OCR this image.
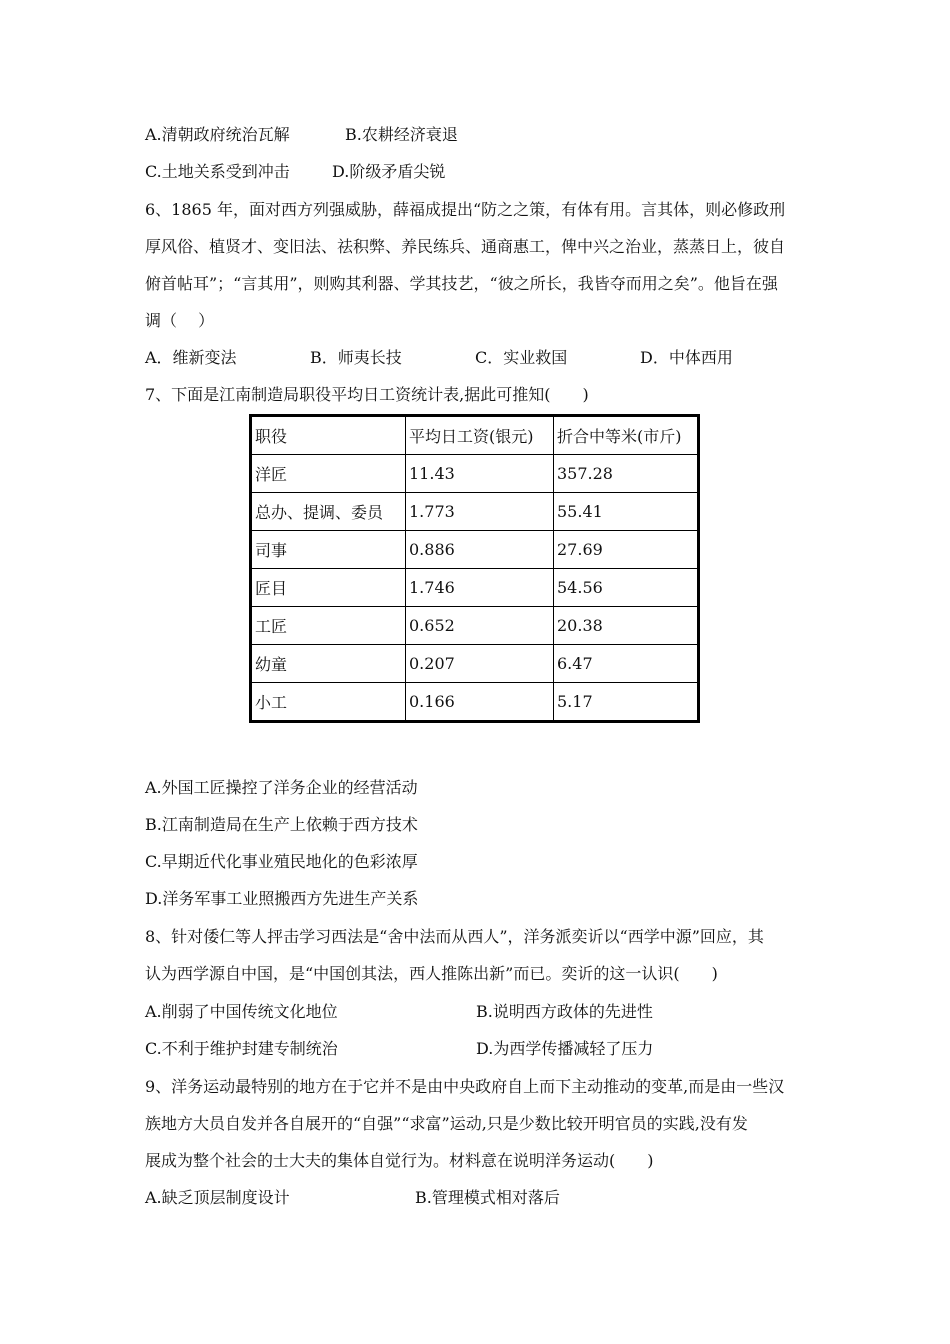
A.清朝政府统治瓦解	B.农耕经济衰退
C.土地关系受到冲击	D.阶级矛盾尖锐
6、1865 年，面对西方列强威胁，薛福成提出“防之之策，有体有用。言其体，则必修政刑
厚风俗、植贤才、变旧法、祛积弊、养民练兵、通商惠工，俾中兴之治业，蒸蒸日上，彼自
俯首帖耳”；“言其用”，则购其利器、学其技艺，“彼之所长，我皆夺而用之矣”。他旨在强
调（　 ）
A．维新变法	B．师夷长技	C．实业救国	D．中体西用
7、下面是江南制造局职役平均日工资统计表,据此可推知(　　)
职役	平均日工资(银元)	折合中等米(市斤)
洋匠	11.43	357.28
总办、提调、委员	1.773	55.41
司事	0.886	27.69
匠目	1.746	54.56
工匠	0.652	20.38
幼童	0.207	6.47
小工	0.166	5.17
A.外国工匠操控了洋务企业的经营活动
B.江南制造局在生产上依赖于西方技术
C.早期近代化事业殖民地化的色彩浓厚
D.洋务军事工业照搬西方先进生产关系
8、针对倭仁等人抨击学习西法是“舍中法而从西人”，洋务派奕䜣以“西学中源”回应，其
认为西学源自中国，是“中国创其法，西人推陈出新”而已。奕䜣的这一认识(　　)
A.削弱了中国传统文化地位	B.说明西方政体的先进性
C.不利于维护封建专制统治	D.为西学传播减轻了压力
9、洋务运动最特别的地方在于它并不是由中央政府自上而下主动推动的变革,而是由一些汉
族地方大员自发并各自展开的“自强”“求富”运动,只是少数比较开明官员的实践,没有发
展成为整个社会的士大夫的集体自觉行为。材料意在说明洋务运动(　　)
A.缺乏顶层制度设计	B.管理模式相对落后
